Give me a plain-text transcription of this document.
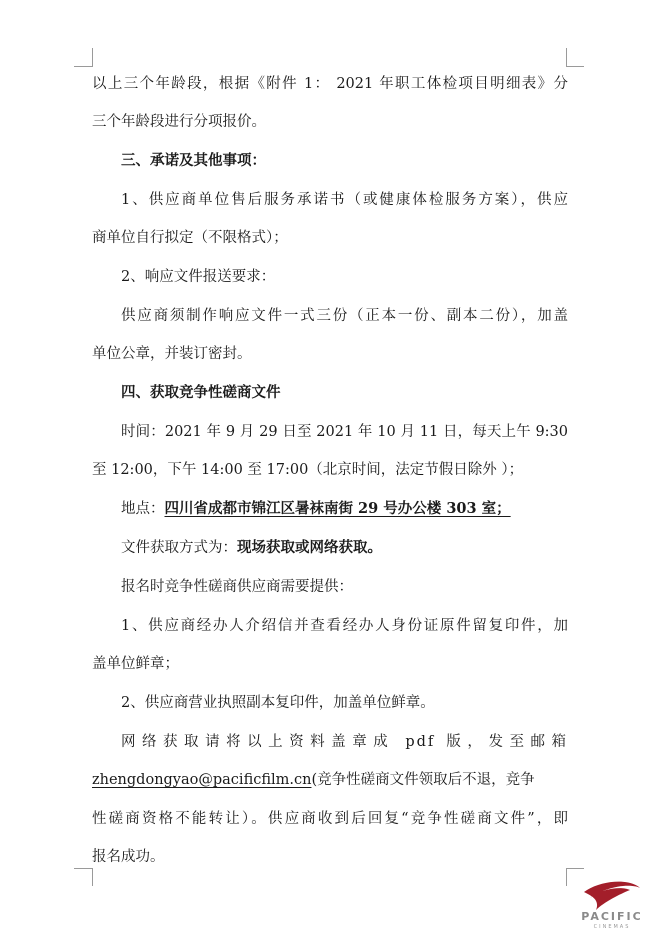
以上三个年龄段，根据《附件 1： 2021 年职工体检项目明细表》分
三个年龄段进行分项报价。
三、承诺及其他事项：
1、供应商单位售后服务承诺书（或健康体检服务方案），供应
商单位自行拟定（不限格式）；
2、响应文件报送要求：
供应商须制作响应文件一式三份（正本一份、副本二份），加盖
单位公章，并装订密封。
四、获取竞争性磋商文件
时间：2021 年 9 月 29 日至 2021 年 10 月 11 日，每天上午 9:30
至 12:00，下午 14:00 至 17:00（北京时间，法定节假日除外 ）；
地点：四川省成都市锦江区暑袜南街 29 号办公楼 303 室；
文件获取方式为：现场获取或网络获取。
报名时竞争性磋商供应商需要提供：
1、供应商经办人介绍信并查看经办人身份证原件留复印件，加
盖单位鲜章；
2、供应商营业执照副本复印件，加盖单位鲜章。
网络获取请将以上资料盖章成 pdf 版，发至邮箱
zhengdongyao@pacificfilm.cn(竞争性磋商文件领取后不退，竞争
性磋商资格不能转让）。供应商收到后回复“竞争性磋商文件”，即
报名成功。
PACIFIC
CINEMAS
